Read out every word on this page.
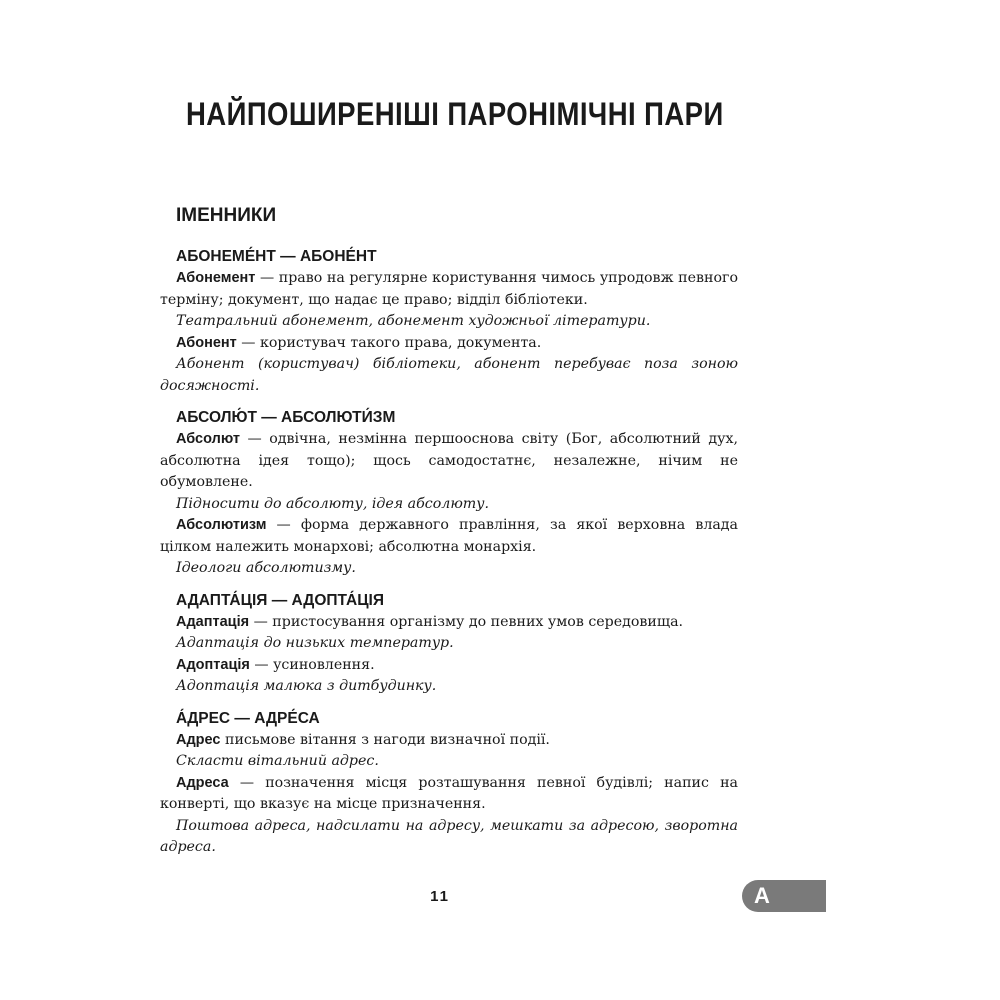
НАЙПОШИРЕНІШІ ПАРОНІМІЧНІ ПАРИ
ІМЕННИКИ
АБОНЕМЕ́НТ — АБОНЕ́НТ

Абонемент — право на регулярне користування чимось упродовж певного терміну; документ, що надає це право; відділ бібліотеки.

Театральний абонемент, абонемент художньої літератури.

Абонент — користувач такого права, документа.

Абонент (користувач) бібліотеки, абонент перебуває поза зоною досяжності.

АБСОЛЮ́Т — АБСОЛЮТИ́ЗМ

Абсолют — одвічна, незмінна першооснова світу (Бог, абсолютний дух, абсолютна ідея тощо); щось самодостатнє, незалежне, нічим не обумовлене.

Підносити до абсолюту, ідея абсолюту.

Абсолютизм — форма державного правління, за якої верховна влада цілком належить монархові; абсолютна монархія.

Ідеологи абсолютизму.

АДАПТА́ЦІЯ — АДОПТА́ЦІЯ

Адаптація — пристосування організму до певних умов середовища.

Адаптація до низьких температур.

Адоптація — усиновлення.

Адоптація малюка з дитбудинку.

А́ДРЕС — АДРЕ́СА

Адрес письмове вітання з нагоди визначної події.

Скласти вітальний адрес.

Адреса — позначення місця розташування певної будівлі; напис на конверті, що вказує на місце призначення.

Поштова адреса, надсилати на адресу, мешкати за адресою, зворотна адреса.

11	А
